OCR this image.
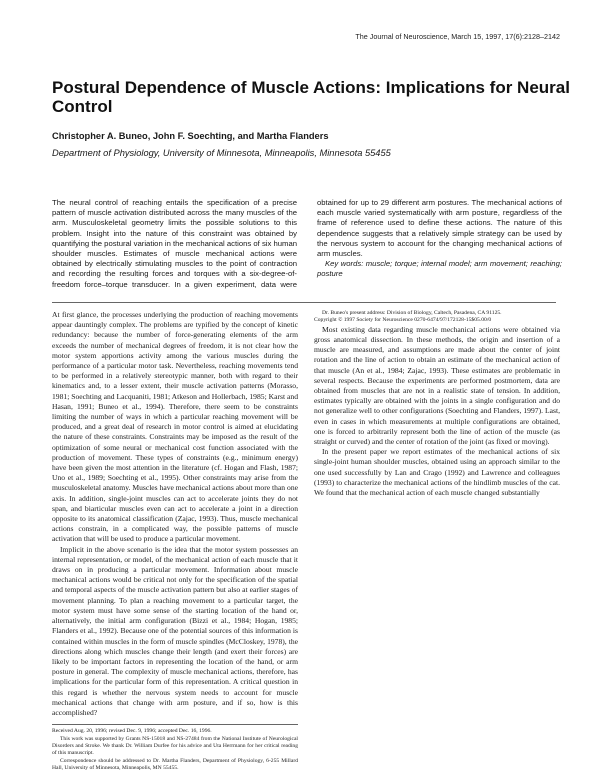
The Journal of Neuroscience, March 15, 1997, 17(6):2128–2142
Postural Dependence of Muscle Actions: Implications for Neural Control
Christopher A. Buneo, John F. Soechting, and Martha Flanders
Department of Physiology, University of Minnesota, Minneapolis, Minnesota 55455

The neural control of reaching entails the specification of a precise pattern of muscle activation distributed across the many muscles of the arm. Musculoskeletal geometry limits the possible solutions to this problem. Insight into the nature of this constraint was obtained by quantifying the postural variation in the mechanical actions of six human shoulder muscles. Estimates of muscle mechanical actions were obtained by electrically stimulating muscles to the point of contraction and recording the resulting forces and torques with a six-degree-of-freedom force–torque transducer. In a given experiment, data were obtained for up to 29 different arm postures. The mechanical actions of each muscle varied systematically with arm posture, regardless of the frame of reference used to define these actions. The nature of this dependence suggests that a relatively simple strategy can be used by the nervous system to account for the changing mechanical actions of arm muscles.

Key words: muscle; torque; internal model; arm movement; reaching; posture

At first glance, the processes underlying the production of reaching movements appear dauntingly complex. The problems are typified by the concept of kinetic redundancy: because the number of force-generating elements of the arm exceeds the number of mechanical degrees of freedom, it is not clear how the motor system apportions activity among the various muscles during the performance of a particular motor task. Nevertheless, reaching movements tend to be performed in a relatively stereotypic manner, both with regard to their kinematics and, to a lesser extent, their muscle activation patterns (Morasso, 1981; Soechting and Lacquaniti, 1981; Atkeson and Hollerbach, 1985; Karst and Hasan, 1991; Buneo et al., 1994). Therefore, there seem to be constraints limiting the number of ways in which a particular reaching movement will be produced, and a great deal of research in motor control is aimed at elucidating the nature of these constraints. Constraints may be imposed as the result of the optimization of some neural or mechanical cost function associated with the production of movement. These types of constraints (e.g., minimum energy) have been given the most attention in the literature (cf. Hogan and Flash, 1987; Uno et al., 1989; Soechting et al., 1995). Other constraints may arise from the musculoskeletal anatomy. Muscles have mechanical actions about more than one axis. In addition, single-joint muscles can act to accelerate joints they do not span, and biarticular muscles even can act to accelerate a joint in a direction opposite to its anatomical classification (Zajac, 1993). Thus, muscle mechanical actions constrain, in a complicated way, the possible patterns of muscle activation that will be used to produce a particular movement.

Implicit in the above scenario is the idea that the motor system possesses an internal representation, or model, of the mechanical action of each muscle that it draws on in producing a particular movement. Information about muscle mechanical actions would be critical not only for the specification of the spatial and temporal aspects of the muscle activation pattern but also at earlier stages of movement planning. To plan a reaching movement to a particular target, the motor system must have some sense of the starting location of the hand or, alternatively, the initial arm configuration (Bizzi et al., 1984; Hogan, 1985; Flanders et al., 1992). Because one of the potential sources of this information is contained within muscles in the form of muscle spindles (McCloskey, 1978), the directions along which muscles change their length (and exert their forces) are likely to be important factors in representing the location of the hand, or arm posture in general. The complexity of muscle mechanical actions, therefore, has implications for the particular form of this representation. A critical question in this regard is whether the nervous system needs to account for muscle mechanical actions that change with arm posture, and if so, how is this accomplished?

Received Aug. 20, 1996; revised Dec. 9, 1996; accepted Dec. 16, 1996.
This work was supported by Grants NS-15018 and NS-27484 from the National Institute of Neurological Disorders and Stroke. We thank Dr. William Durfee for his advice and Uta Herrmann for her critical reading of this manuscript.
Correspondence should be addressed to Dr. Martha Flanders, Department of Physiology, 6-255 Millard Hall, University of Minnesota, Minneapolis, MN 55455.
Dr. Buneo's present address: Division of Biology, Caltech, Pasadena, CA 91125.
Copyright © 1997 Society for Neuroscience 0270-6474/97/172128-15$05.00/0

Most existing data regarding muscle mechanical actions were obtained via gross anatomical dissection. In these methods, the origin and insertion of a muscle are measured, and assumptions are made about the center of joint rotation and the line of action to obtain an estimate of the mechanical action of that muscle (An et al., 1984; Zajac, 1993). These estimates are problematic in several respects. Because the experiments are performed postmortem, data are obtained from muscles that are not in a realistic state of tension. In addition, estimates typically are obtained with the joints in a single configuration and do not generalize well to other configurations (Soechting and Flanders, 1997). Last, even in cases in which measurements at multiple configurations are obtained, one is forced to arbitrarily represent both the line of action of the muscle (as straight or curved) and the center of rotation of the joint (as fixed or moving).

In the present paper we report estimates of the mechanical actions of six single-joint human shoulder muscles, obtained using an approach similar to the one used successfully by Lan and Crago (1992) and Lawrence and colleagues (1993) to characterize the mechanical actions of the hindlimb muscles of the cat. We found that the mechanical action of each muscle changed substantially
